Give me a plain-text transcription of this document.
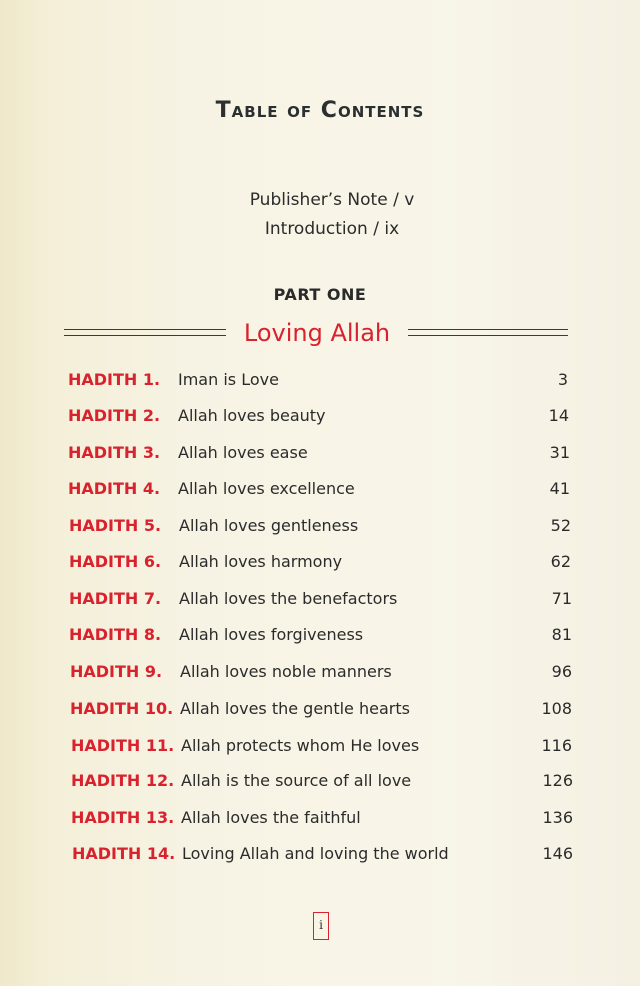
Table of Contents
Publisher’s Note / v
Introduction / ix
PART ONE
Loving Allah
HADITH 1. Iman is Love	3
HADITH 2. Allah loves beauty	14
HADITH 3. Allah loves ease	31
HADITH 4. Allah loves excellence	41
HADITH 5. Allah loves gentleness	52
HADITH 6. Allah loves harmony	62
HADITH 7. Allah loves the benefactors	71
HADITH 8. Allah loves forgiveness	81
HADITH 9. Allah loves noble manners	96
HADITH 10. Allah loves the gentle hearts	108
HADITH 11. Allah protects whom He loves	116
HADITH 12. Allah is the source of all love	126
HADITH 13. Allah loves the faithful	136
HADITH 14. Loving Allah and loving the world	146
i
